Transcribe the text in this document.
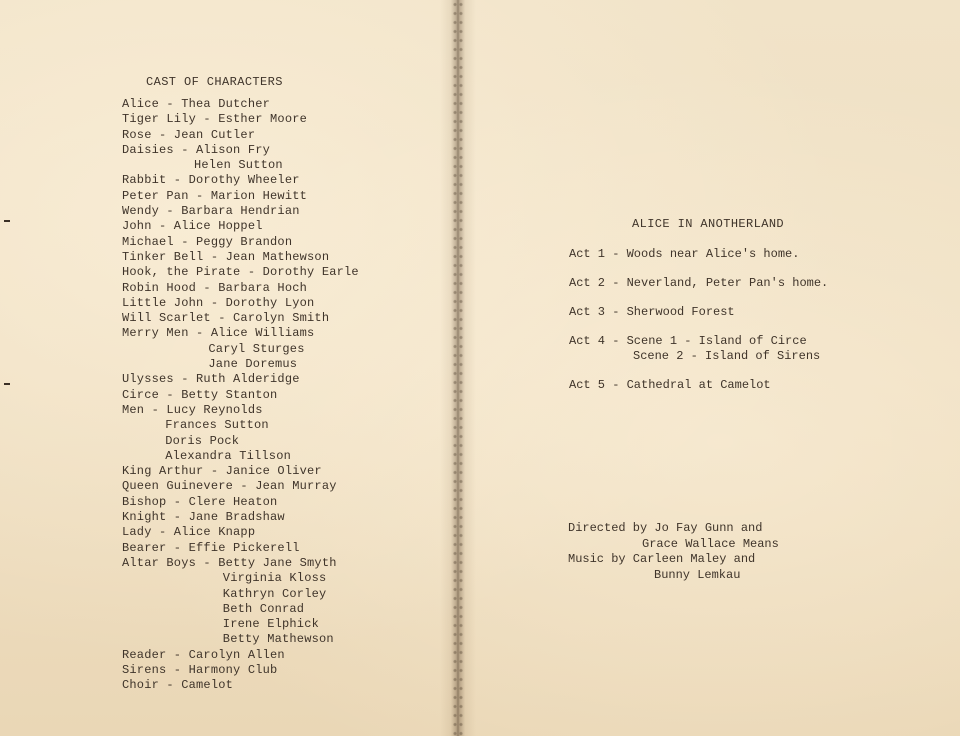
CAST OF CHARACTERS
Alice - Thea Dutcher
Tiger Lily - Esther Moore
Rose - Jean Cutler
Daisies - Alison Fry
Helen Sutton
Rabbit - Dorothy Wheeler
Peter Pan - Marion Hewitt
Wendy - Barbara Hendrian
John - Alice Hoppel
Michael - Peggy Brandon
Tinker Bell - Jean Mathewson
Hook, the Pirate - Dorothy Earle
Robin Hood - Barbara Hoch
Little John - Dorothy Lyon
Will Scarlet - Carolyn Smith
Merry Men - Alice Williams
Caryl Sturges
Jane Doremus
Ulysses - Ruth Alderidge
Circe - Betty Stanton
Men - Lucy Reynolds
Frances Sutton
Doris Pock
Alexandra Tillson
King Arthur - Janice Oliver
Queen Guinevere - Jean Murray
Bishop - Clere Heaton
Knight - Jane Bradshaw
Lady - Alice Knapp
Bearer - Effie Pickerell
Altar Boys - Betty Jane Smyth
Virginia Kloss
Kathryn Corley
Beth Conrad
Irene Elphick
Betty Mathewson
Reader - Carolyn Allen
Sirens - Harmony Club
Choir - Camelot
ALICE IN ANOTHERLAND
Act 1 - Woods near Alice's home.
Act 2 - Neverland, Peter Pan's home.
Act 3 - Sherwood Forest
Act 4 - Scene 1 - Island of Circe
Scene 2 - Island of Sirens
Act 5 - Cathedral at Camelot
Directed by Jo Fay Gunn and
Grace Wallace Means
Music by Carleen Maley and
Bunny Lemkau
